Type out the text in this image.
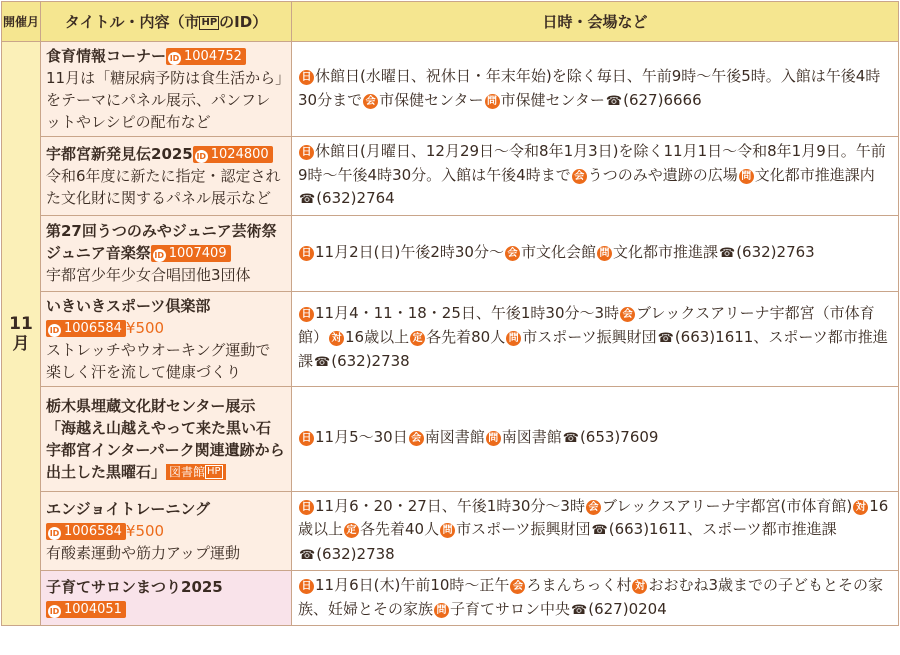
開催月	タイトル・内容（市 HP のID）	日時・会場など

11
月	食育情報コーナー ID 1004752
11月は「糖尿病予防は食生活から」をテーマにパネル展示、パンフレットやレシピの配布など	日 休館日(水曜日、祝休日・年末年始)を除く毎日、午前9時～午後5時。入館は午後4時30分まで 会 市保健センター 問 市保健センター☎(627)6666

	宇都宮新発見伝2025 ID 1024800
令和6年度に新たに指定・認定された文化財に関するパネル展示など	日 休館日(月曜日、12月29日～令和8年1月3日)を除く11月1日～令和8年1月9日。午前9時～午後4時30分。入館は午後4時まで 会 うつのみや遺跡の広場 問 文化都市推進課内☎(632)2764
	第27回うつのみやジュニア芸術祭ジュニア音楽祭 ID 1007409
宇都宮少年少女合唱団他3団体	日 11月2日(日)午後2時30分～ 会 市文化会館 問 文化都市推進課☎(632)2763

	いきいきスポーツ倶楽部
ID 1006584 ¥500
ストレッチやウオーキング運動で楽しく汗を流して健康づくり	日 11月4・11・18・25日、午後1時30分～3時 会 ブレックスアリーナ宇都宮（市体育館） 対 16歳以上 定 各先着80人 問 市スポーツ振興財団☎(663)1611、スポーツ都市推進課☎(632)2738
	栃木県埋蔵文化財センター展示「海越え山越えやって来た黒い石 宇都宮インターパーク関連遺跡から出土した黒曜石」 図書館 HP	日 11月5～30日 会 南図書館 問 南図書館☎(653)7609

	エンジョイトレーニング
ID 1006584 ¥500
有酸素運動や筋力アップ運動	日 11月6・20・27日、午後1時30分～3時 会 ブレックスアリーナ宇都宮(市体育館) 対 16歳以上 定 各先着40人 問 市スポーツ振興財団☎(663)1611、スポーツ都市推進課☎(632)2738

	子育てサロンまつり2025
ID 1004051	日 11月6日(木)午前10時～正午 会 ろまんちっく村 対 おおむね3歳までの子どもとその家族、妊婦とその家族 問 子育てサロン中央☎(627)0204
